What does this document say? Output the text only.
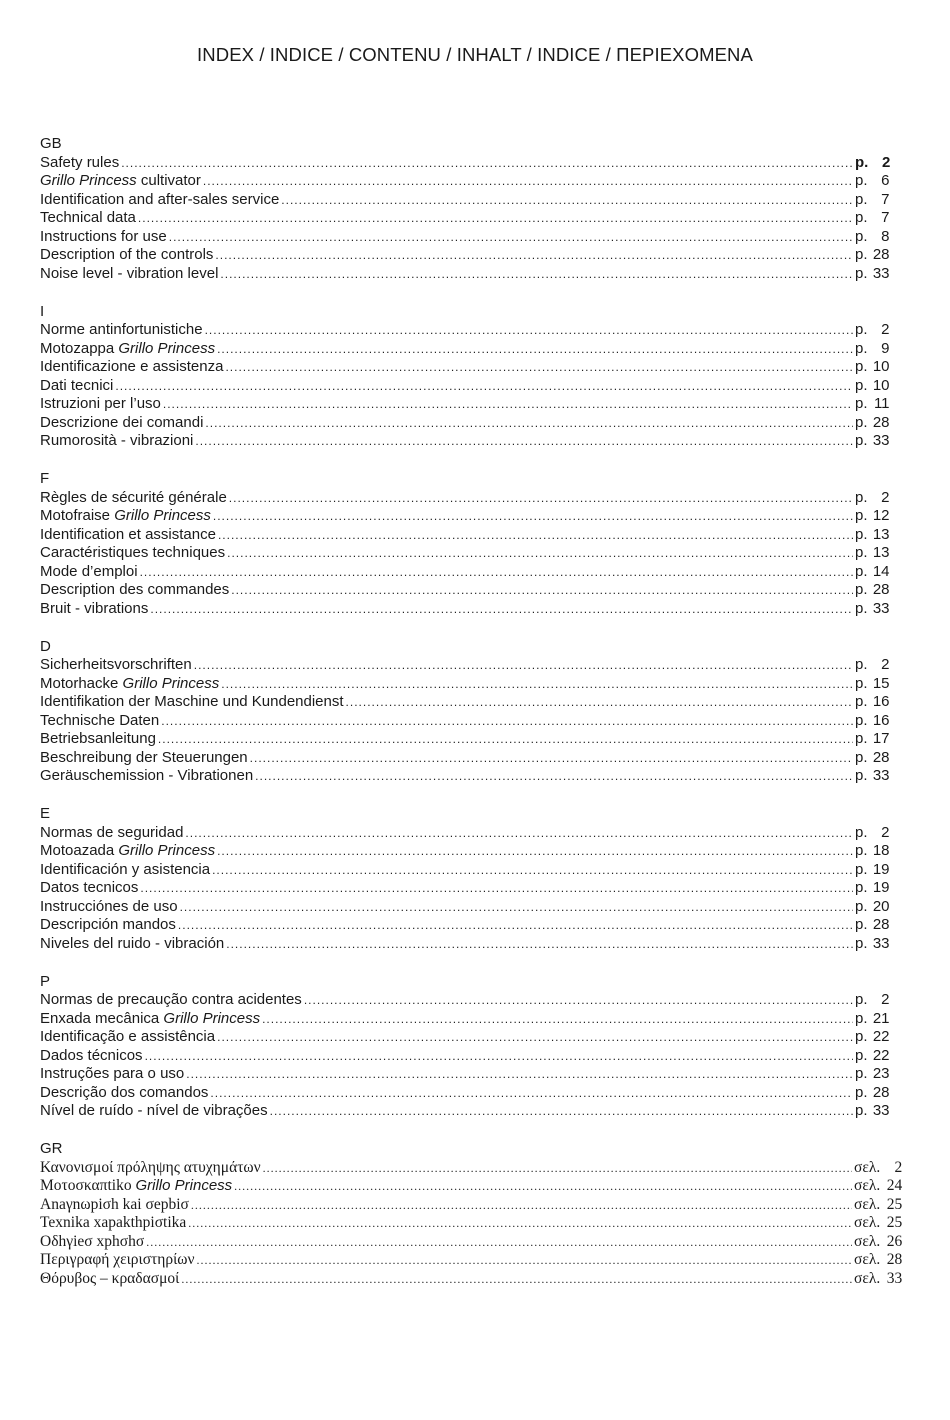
INDEX / INDICE / CONTENU / INHALT / INDICE / ΠΕΡΙΕΧΟΜΕΝΑ
GB
Safety rules .....	p. 2
Grillo Princess cultivator .....	p. 6
Identification and after-sales service .....	p. 7
Technical data .....	p. 7
Instructions for use .....	p. 8
Description of the controls .....	p. 28
Noise level - vibration level .....	p. 33
I
Norme antinfortunistiche .....	p. 2
Motozappa Grillo Princess .....	p. 9
Identificazione e assistenza .....	p. 10
Dati tecnici .....	p. 10
Istruzioni per l’uso .....	p. 11
Descrizione dei comandi .....	p. 28
Rumorosità - vibrazioni .....	p. 33
F
Règles de sécurité générale .....	p. 2
Motofraise Grillo Princess .....	p. 12
Identification et assistance .....	p. 13
Caractéristiques techniques .....	p. 13
Mode d’emploi .....	p. 14
Description des commandes .....	p. 28
Bruit - vibrations .....	p. 33
D
Sicherheitsvorschriften .....	p. 2
Motorhacke Grillo Princess .....	p. 15
Identifikation der Maschine und Kundendienst .....	p. 16
Technische Daten .....	p. 16
Betriebsanleitung .....	p. 17
Beschreibung der Steuerungen .....	p. 28
Geräuschemission - Vibrationen .....	p. 33
E
Normas de seguridad .....	p. 2
Motoazada Grillo Princess .....	p. 18
Identificación y asistencia .....	p. 19
Datos tecnicos .....	p. 19
Instrucciónes de uso .....	p. 20
Descripción mandos .....	p. 28
Niveles del ruido - vibración .....	p. 33
P
Normas de precaução contra acidentes .....	p. 2
Enxada mecânica Grillo Princess .....	p. 21
Identificação e assistência .....	p. 22
Dados técnicos .....	p. 22
Instruções para o uso .....	p. 23
Descrição dos comandos .....	p. 28
Nível de ruído - nível de vibrações .....	p. 33
GR
Κανονισμοί πρόληψης ατυχημάτων .....	σελ. 2
Μοτοσκαπtiko Grillo Princess .....	σελ. 24
Αnaγnωpiσh kai σepbiσ .....	σελ. 25
Texnika xapakthpiσtika .....	σελ. 25
Οδhγieσ xphσhσ .....	σελ. 26
Περιγραφή χειριστηρίων .....	σελ. 28
Θόρυβος – κραδασμοί .....	σελ. 33
